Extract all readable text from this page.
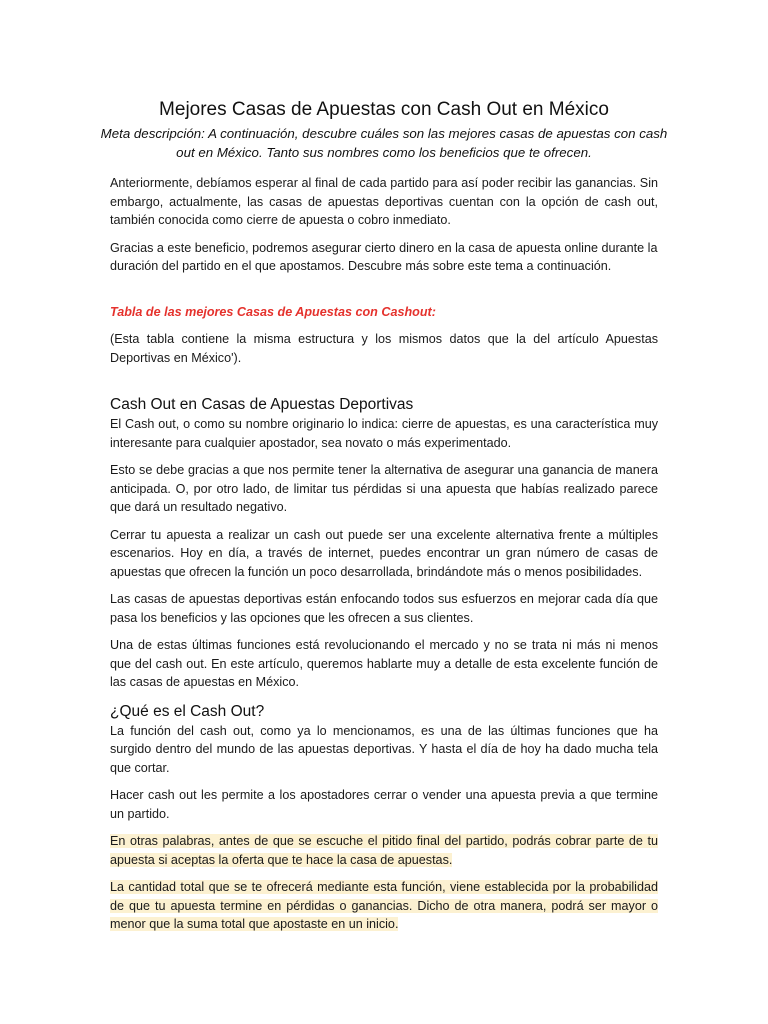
Mejores Casas de Apuestas con Cash Out en México
Meta descripción: A continuación, descubre cuáles son las mejores casas de apuestas con cash out en México. Tanto sus nombres como los beneficios que te ofrecen.

Anteriormente, debíamos esperar al final de cada partido para así poder recibir las ganancias. Sin embargo, actualmente, las casas de apuestas deportivas cuentan con la opción de cash out, también conocida como cierre de apuesta o cobro inmediato.

Gracias a este beneficio, podremos asegurar cierto dinero en la casa de apuesta online durante la duración del partido en el que apostamos. Descubre más sobre este tema a continuación.

Tabla de las mejores Casas de Apuestas con Cashout:

(Esta tabla contiene la misma estructura y los mismos datos que la del artículo Apuestas Deportivas en México').

Cash Out en Casas de Apuestas Deportivas

El Cash out, o como su nombre originario lo indica: cierre de apuestas, es una característica muy interesante para cualquier apostador, sea novato o más experimentado.

Esto se debe gracias a que nos permite tener la alternativa de asegurar una ganancia de manera anticipada. O, por otro lado, de limitar tus pérdidas si una apuesta que habías realizado parece que dará un resultado negativo.

Cerrar tu apuesta a realizar un cash out puede ser una excelente alternativa frente a múltiples escenarios. Hoy en día, a través de internet, puedes encontrar un gran número de casas de apuestas que ofrecen la función un poco desarrollada, brindándote más o menos posibilidades.

Las casas de apuestas deportivas están enfocando todos sus esfuerzos en mejorar cada día que pasa los beneficios y las opciones que les ofrecen a sus clientes.

Una de estas últimas funciones está revolucionando el mercado y no se trata ni más ni menos que del cash out. En este artículo, queremos hablarte muy a detalle de esta excelente función de las casas de apuestas en México.

¿Qué es el Cash Out?

La función del cash out, como ya lo mencionamos, es una de las últimas funciones que ha surgido dentro del mundo de las apuestas deportivas. Y hasta el día de hoy ha dado mucha tela que cortar.

Hacer cash out les permite a los apostadores cerrar o vender una apuesta previa a que termine un partido.

En otras palabras, antes de que se escuche el pitido final del partido, podrás cobrar parte de tu apuesta si aceptas la oferta que te hace la casa de apuestas.

La cantidad total que se te ofrecerá mediante esta función, viene establecida por la probabilidad de que tu apuesta termine en pérdidas o ganancias. Dicho de otra manera, podrá ser mayor o menor que la suma total que apostaste en un inicio.
